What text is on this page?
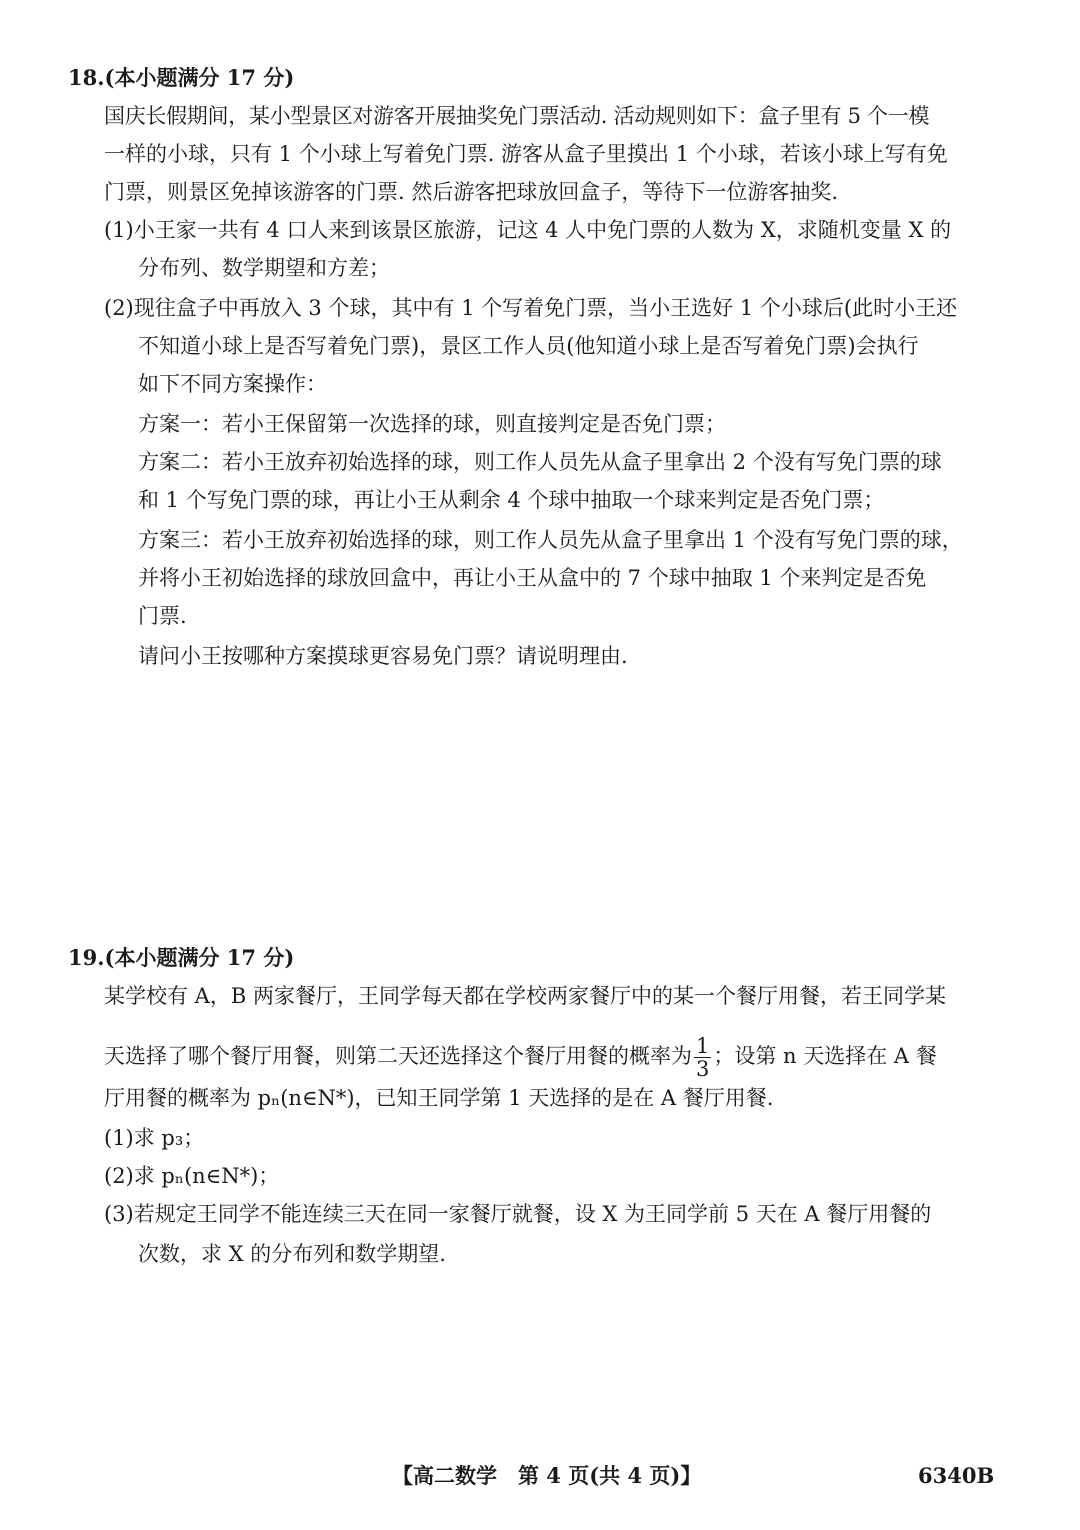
18.(本小题满分 17 分)
国庆长假期间，某小型景区对游客开展抽奖免门票活动. 活动规则如下：盒子里有 5 个一模
一样的小球，只有 1 个小球上写着免门票. 游客从盒子里摸出 1 个小球，若该小球上写有免
门票，则景区免掉该游客的门票. 然后游客把球放回盒子，等待下一位游客抽奖.
(1)小王家一共有 4 口人来到该景区旅游，记这 4 人中免门票的人数为 X，求随机变量 X 的
分布列、数学期望和方差；
(2)现往盒子中再放入 3 个球，其中有 1 个写着免门票，当小王选好 1 个小球后(此时小王还
不知道小球上是否写着免门票)，景区工作人员(他知道小球上是否写着免门票)会执行
如下不同方案操作：
方案一：若小王保留第一次选择的球，则直接判定是否免门票；
方案二：若小王放弃初始选择的球，则工作人员先从盒子里拿出 2 个没有写免门票的球
和 1 个写免门票的球，再让小王从剩余 4 个球中抽取一个球来判定是否免门票；
方案三：若小王放弃初始选择的球，则工作人员先从盒子里拿出 1 个没有写免门票的球，
并将小王初始选择的球放回盒中，再让小王从盒中的 7 个球中抽取 1 个来判定是否免
门票.
请问小王按哪种方案摸球更容易免门票？请说明理由.
19.(本小题满分 17 分)
某学校有 A，B 两家餐厅，王同学每天都在学校两家餐厅中的某一个餐厅用餐，若王同学某
天选择了哪个餐厅用餐，则第二天还选择这个餐厅用餐的概率为 $\frac{1}{3}$ ；设第 n 天选择在 A 餐
厅用餐的概率为 pₙ(n∈N*)，已知王同学第 1 天选择的是在 A 餐厅用餐.
(1)求 p₃；
(2)求 pₙ(n∈N*)；
(3)若规定王同学不能连续三天在同一家餐厅就餐，设 X 为王同学前 5 天在 A 餐厅用餐的
次数，求 X 的分布列和数学期望.
【高二数学　第 4 页(共 4 页)】	6340B
